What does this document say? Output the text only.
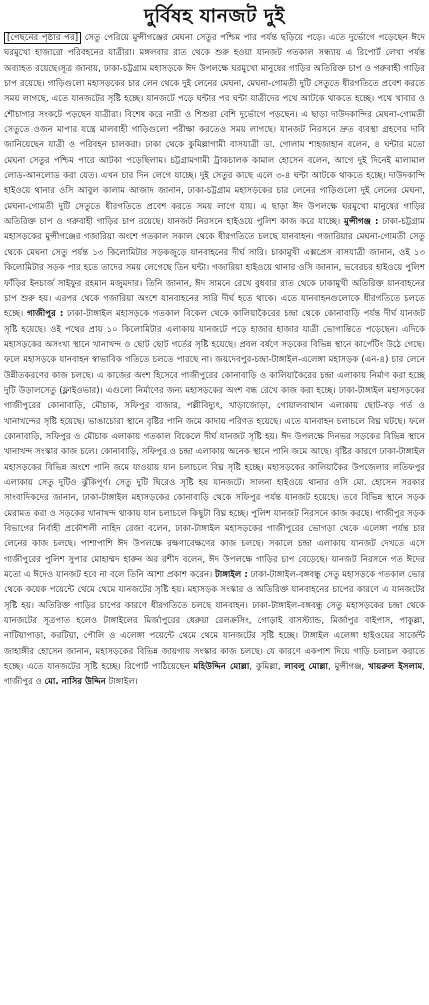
দুর্বিষহ যানজট দুই

[পেছনের পৃষ্ঠার পর] সেতু পেরিয়ে মুন্সীগঞ্জের মেঘনা সেতুর পশ্চিম পার পর্যন্ত ছড়িয়ে পড়ে। এতে দুর্ভোগে পড়েছেন ঈদে ঘরমুখো হাজারো পরিবহনের যাত্রীরা। মঙ্গলবার রাত থেকে শুরু হওয়া যানজট গতকাল সন্ধ্যায় এ রিপোর্ট লেখা পর্যন্ত অব্যাহত রয়েছে।সূত্র জানায়, ঢাকা-চট্টগ্রাম মহাসড়কে ঈদ উপলক্ষে ঘরমুখো মানুষের গাড়ির অতিরিক্ত চাপ ও গরুবাহী গাড়ির চাপ রয়েছে। গাড়িগুলো মহাসড়কের চার লেন থেকে দুই লেনের মেঘনা, মেঘনা-গোমতী দুটি সেতুতে ধীরগতিতে প্রবেশ করতে সময় লাগছে, এতে যানজটের সৃষ্টি হচ্ছে। যানজটে পড়ে ঘন্টার পর ঘন্টা যাত্রীদের পথে আটকে থাকতে হচ্ছে। পথে খাবার ও শৌচাগার সংকটে পড়ছেন যাত্রীরা। বিশেষ করে নারী ও শিশুরা বেশি দুর্ভোগে পড়ছেন। এ ছাড়া দাউদকান্দির মেঘনা-গোমতী সেতুতে ওজন মাপার যন্ত্রে মালবাহী গাড়িগুলো পরীক্ষা করতেও সময় লাগছে। যানজট নিরসনে দ্রুত ব্যবস্থা গ্রহণের দাবি জানিয়েছেন যাত্রী ও পরিবহন চালকরা। ঢাকা থেকে কুমিল্লাগামী বাসযাত্রী ডা. গোলাম শাহজাহান বলেন, ৪ ঘন্টার মতো মেঘনা সেতুর পশ্চিম পারে আটকা পড়েছিলাম। চট্টগ্রামগামী ট্রাকচালক কামাল হোসেন বলেন, আগে দুই দিনেই মালামাল লোড-আনলোড করা যেত। এখন চার দিন লেগে যাচ্ছে। দুই সেতুর কাছে এলে ৩-৪ ঘন্টা আটকে থাকতে হচ্ছে। দাউদকান্দি হাইওয়ে থানার ওসি আবুল কালাম আজাদ জানান, ঢাকা-চট্টগ্রাম মহাসড়কের চার লেনের গাড়িগুলো দুই লেনের মেঘনা, মেঘনা-গোমতী দুটি সেতুতে ধীরগতিতে প্রবেশ করতে সময় লাগে যায়। এ ছাড়া ঈদ উপলক্ষে ঘরমুখো মানুষের গাড়ির অতিরিক্ত চাপ ও গরুবাহী গাড়ির চাপ রয়েছে। যানজট নিরসনে হাইওয়ে পুলিশ কাজ করে যাচ্ছে। মুন্সীগঞ্জ : ঢাকা-চট্টগ্রাম মহাসড়কের মুন্সীগঞ্জের গজারিয়া অংশে গতকাল সকাল থেকে ধীরগতিতে চলছে যানবাহন। গজারিয়ার মেঘনা-গোমতী সেতু থেকে মেঘনা সেতু পর্যন্ত ১৩ কিলোমিটার সড়কজুড়ে যানবাহনের দীর্ঘ সারি। চাকামুখী এক্সপ্রেস বাসযাত্রী জানান, ওই ১৩ কিলোমিটার সড়ক পার হতে তাদের সময় লেগেছে তিন ঘন্টা। গজারিয়া হাইওয়ে থানার ওসি জানান, ভবেরচর হাইওয়ে পুলিশ ফাঁড়ির ইনচার্জ সাইফুর রহমান মজুমদার। তিনি জানান, ঈদ সামনে রেখে বুধবার রাত থেকে ঢাকামুখী অতিরিক্ত যানবাহনের চাপ শুরু হয়। এরপর থেকে গজারিয়া অংশে যানবাহনের সারি দীর্ঘ হতে থাকে। এতে যানবাহনগুলোকে ধীরগতিতে চলতে হচ্ছে। গাজীপুর : ঢাকা-টাঙ্গাইল মহাসড়কে গতকাল বিকেল থেকে কালিয়াকৈরের চন্দ্রা থেকে কোনাবাড়ি পর্যন্ত দীর্ঘ যানজট সৃষ্টি হয়েছে। ওই পথের প্রায় ১০ কিলোমিটার এলাকায় যানজটে পড়ে হাজার হাজার যাত্রী ভোগান্তিতে পড়েছেন। এদিকে মহাসড়কের অসংখ্য স্থানে খানাখন্দ ও ছোট ছোট গর্তের সৃষ্টি হয়েছে। প্রবল বর্ষণে সড়কের বিভিন্ন স্থানে কার্পেটিং উঠে গেছে। ফলে মহাসড়কে যানবাহন স্বাভাবিক গতিতে চলতে পারছে না। জয়দেবপুর-চন্দ্রা-টাঙ্গাইল-এলেঙ্গা মহাসড়ক (এন-৪) চার লেনে উন্নীতকরণের কাজ চলছে। এ কাজের অংশ হিসেবে গাজীপুরের কোনাবাড়ি ও কালিয়াকৈরের চন্দ্রা এলাকায় নির্মাণ করা হচ্ছে দুটি উড়ালসেতু (ফ্লাইওভার)। এগুলো নির্মাণের জন্য মহাসড়কের অংশ বন্ধ রেখে কাজ করা হচ্ছে। ঢাকা-টাঙ্গাইল মহাসড়কের গাজীপুরের কোনাবাড়ি, মৌচাক, সফিপুর বাজার, পল্লীবিদ্যুৎ, খাড়াজোড়া, গোয়ালবাথান এলাকায় ছোট-বড় গর্ত ও খানাখন্দের সৃষ্টি হয়েছে। ভাঙাচোরা স্থানে বৃষ্টির পানি জমে কাদায় পরিণত হয়েছে। এতে যানবাহন চলাচলে বিঘ্ন ঘটছে। ফলে কোনাবাড়ি, সফিপুর ও মৌচাক এলাকায় গতকাল বিকেলে দীর্ঘ যানজট সৃষ্টি হয়। ঈদ উপলক্ষে দিনভর সড়কের বিভিন্ন স্থানে খানাখন্দ সংস্কার কাজ চলে। কোনাবাড়ি, সফিপুর ও চন্দ্রা এলাকায় অনেক স্থানে পানি জমে আছে। বৃষ্টির কারণে ঢাকা-টাঙ্গাইল মহাসড়কের বিভিন্ন অংশে পানি জমে যাওয়ায় যান চলাচলে বিঘ্ন সৃষ্টি হচ্ছে। মহাসড়কের কালিয়াকৈর উপজেলার লতিফপুর এলাকায় সেতু দুটিও ঝুঁকিপূর্ণ। সেতু দুটি ঘিরেও সৃষ্টি হয় যানজটে। সালনা হাইওয়ে থানার ওসি মো. হোসেন সরকার সাংবাদিকদের জানান, ঢাকা-টাঙ্গাইল মহাসড়কের কোনাবাড়ি থেকে সফিপুর পর্যন্ত যানজট হয়েছে। তবে বিভিন্ন স্থানে সড়ক মেরামত করা ও সড়কের খানাখন্দ থাকায় যান চলাচলে কিছুটা বিঘ্ন হচ্ছে। পুলিশ যানজট নিরসনে কাজ করছে। গাজীপুর সড়ক বিভাগের নির্বাহী প্রকৌশলী নাহিদ রেজা বলেন, ঢাকা-টাঙ্গাইল মহাসড়কের গাজীপুরের ভোগড়া থেকে এলেঙ্গা পর্যন্ত চার লেনের কাজ চলছে। পাশাপাশি ঈদ উপলক্ষে রক্ষণাবেক্ষণের কাজ চলছে। সকালে চন্দ্রা এলাকায় যানজট দেখতে এসে গাজীপুরের পুলিশ সুপার মোহাম্মদ হারুন অর রশীদ বলেন, ঈদ উপলক্ষে গাড়ির চাপ বেড়েছে। যানজট নিরসনে গত ঈদের মতো এ ঈদেও যানজট হবে না বলে তিনি আশা প্রকাশ করেন। টাঙ্গাইল : ঢাকা-টাঙ্গাইল-বঙ্গবন্ধু সেতু মহাসড়কে গতকাল ভোর থেকে কয়েক পয়েন্টে থেমে থেমে যানজটের সৃষ্টি হয়। মহাসড়ক সংস্কার ও অতিরিক্ত যানবাহনের চাপের কারণে এ যানজটের সৃষ্টি হয়। অতিরিক্ত গাড়ির চাপের কারণে ধীরগতিতে চলছে যানবাহন। ঢাকা-টাঙ্গাইল-বঙ্গবন্ধু সেতু মহাসড়কের চন্দ্রা থেকে যানজটের সূত্রপাত হলেও টাঙ্গাইলের মির্জাপুরের ধেরুয়া রেলক্রসিং, গোড়াই বাসস্ট্যান্ড, মির্জাপুর বাইপাস, পাকুল্লা, নাটিয়াপাড়া, করটিয়া, পৌলি ও এলেঙ্গা পয়েন্টে থেমে থেমে যানজটের সৃষ্টি হচ্ছে। টাঙ্গাইল এলেঙ্গা হাইওয়ের সার্জেন্ট জাহাঙ্গীর হোসেন জানান, মহাসড়কের বিভিন্ন জায়গায় সংস্কার কাজ চলছে। যে কারণে একপাশ দিয়ে গাড়ি চলাচল করাতে হচ্ছে। এতে যানজটের সৃষ্টি হচ্ছে। রিপোর্ট পাঠিয়েছেন মহিউদ্দিন মোল্লা, কুমিল্লা, লাবলু মোল্লা, মুন্সীগঞ্জ, খায়রুল ইসলাম, গাজীপুর ও মো. নাসির উদ্দিন টাঙ্গাইল।
